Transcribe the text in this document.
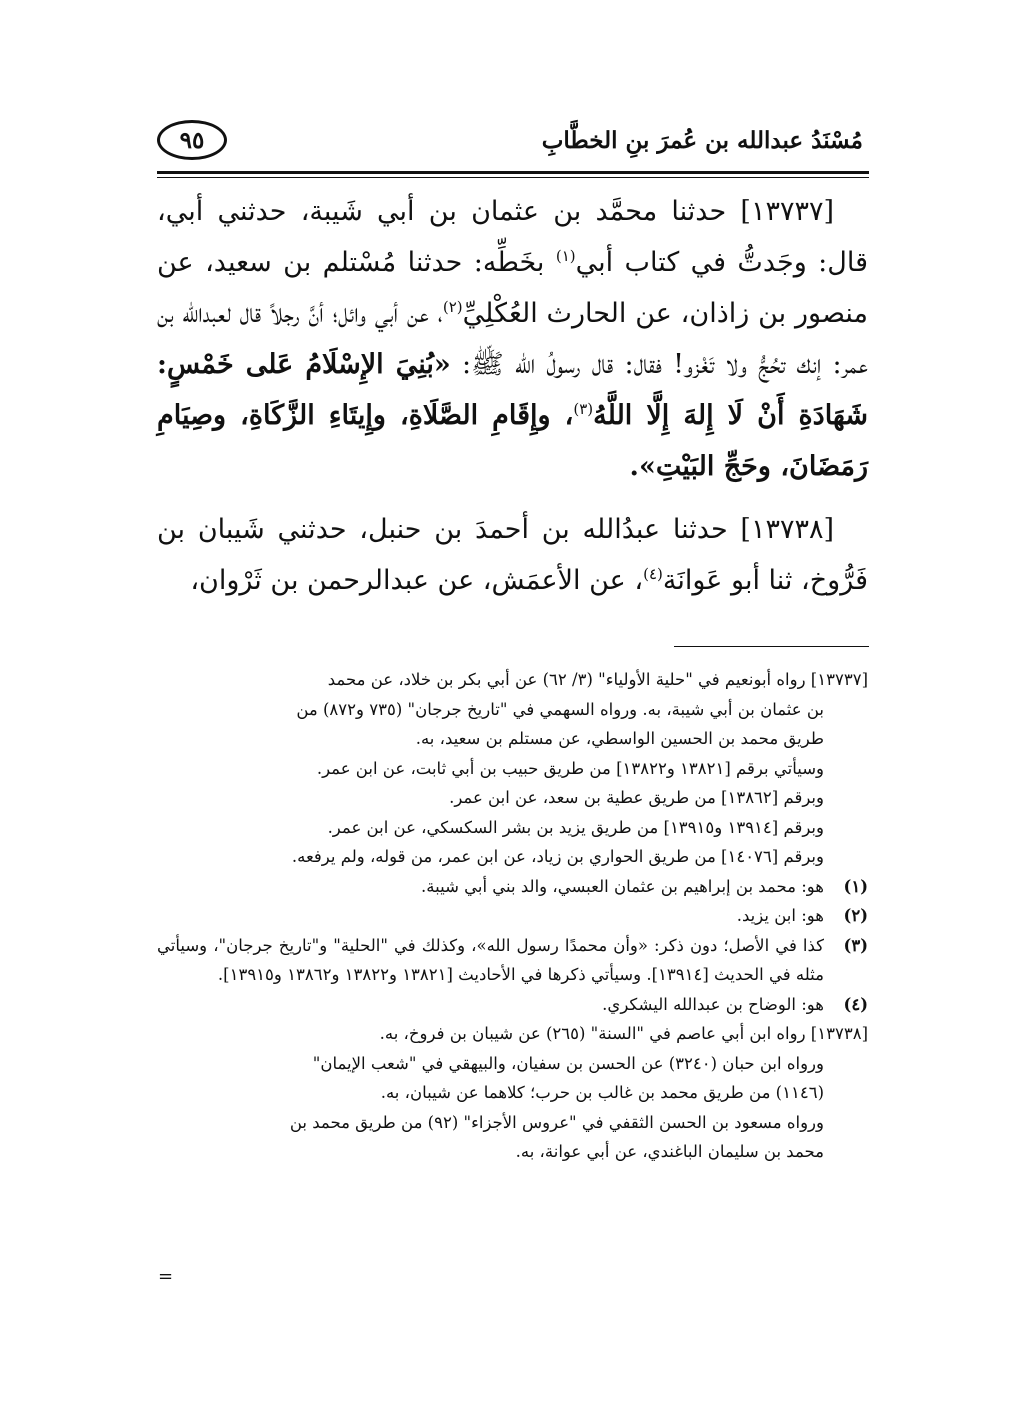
مُسْنَدُ عبدالله بن عُمرَ بنِ الخطَّابِ
٩٥

[١٣٧٣٧] حدثنا محمَّد بن عثمان بن أبي شَيبة، حدثني أبي، قال: وجَدتُّ في كتاب أبي$^{(١)}$ بخَطِّه: حدثنا مُسْتلم بن سعيد، عن منصور بن زاذان، عن الحارث العُكْلِيِّ$^{(٢)}$، عن أبي وائل؛ أنَّ رجلاً قال لعبدالله بن عمر: إنك تحُجُّ ولا تَغْزو! فقال: قال رسولُ الله ﷺ: «بُنِيَ الإِسْلَامُ عَلى خَمْسٍ: شَهَادَةِ أَنْ لَا إِلهَ إِلَّا اللَّهُ$^{(٣)}$، وإِقَامِ الصَّلَاةِ، وإِيتَاءِ الزَّكَاةِ، وصِيَامِ رَمَضَانَ، وحَجِّ البَيْتِ».

[١٣٧٣٨] حدثنا عبدُالله بن أحمدَ بن حنبل، حدثني شَيبان بن فَرُّوخ، ثنا أبو عَوانَة$^{(٤)}$، عن الأعمَش، عن عبدالرحمن بن ثَرْوان،

[١٣٧٣٧] رواه أبونعيم في "حلية الأولياء" (٣/ ٦٢) عن أبي بكر بن خلاد، عن محمد
بن عثمان بن أبي شيبة، به. ورواه السهمي في "تاريخ جرجان" (٧٣٥ و٨٧٢) من
طريق محمد بن الحسين الواسطي، عن مستلم بن سعيد، به.
وسيأتي برقم [١٣٨٢١ و١٣٨٢٢] من طريق حبيب بن أبي ثابت، عن ابن عمر.
وبرقم [١٣٨٦٢] من طريق عطية بن سعد، عن ابن عمر.
وبرقم [١٣٩١٤ و١٣٩١٥] من طريق يزيد بن بشر السكسكي، عن ابن عمر.
وبرقم [١٤٠٧٦] من طريق الحواري بن زياد، عن ابن عمر، من قوله، ولم يرفعه.
(١)
هو: محمد بن إبراهيم بن عثمان العبسي، والد بني أبي شيبة.
(٢)
هو: ابن يزيد.
(٣)
كذا في الأصل؛ دون ذكر: «وأن محمدًا رسول الله»، وكذلك في "الحلية" و"تاريخ جرجان"، وسيأتي مثله في الحديث [١٣٩١٤]. وسيأتي ذكرها في الأحاديث [١٣٨٢١ و١٣٨٢٢ و١٣٨٦٢ و١٣٩١٥].
(٤)
هو: الوضاح بن عبدالله اليشكري.
[١٣٧٣٨] رواه ابن أبي عاصم في "السنة" (٢٦٥) عن شيبان بن فروخ، به.
ورواه ابن حبان (٣٢٤٠) عن الحسن بن سفيان، والبيهقي في "شعب الإيمان"
(١١٤٦) من طريق محمد بن غالب بن حرب؛ كلاهما عن شيبان، به.
ورواه مسعود بن الحسن الثقفي في "عروس الأجزاء" (٩٢) من طريق محمد بن
محمد بن سليمان الباغندي، عن أبي عوانة، به.
=
